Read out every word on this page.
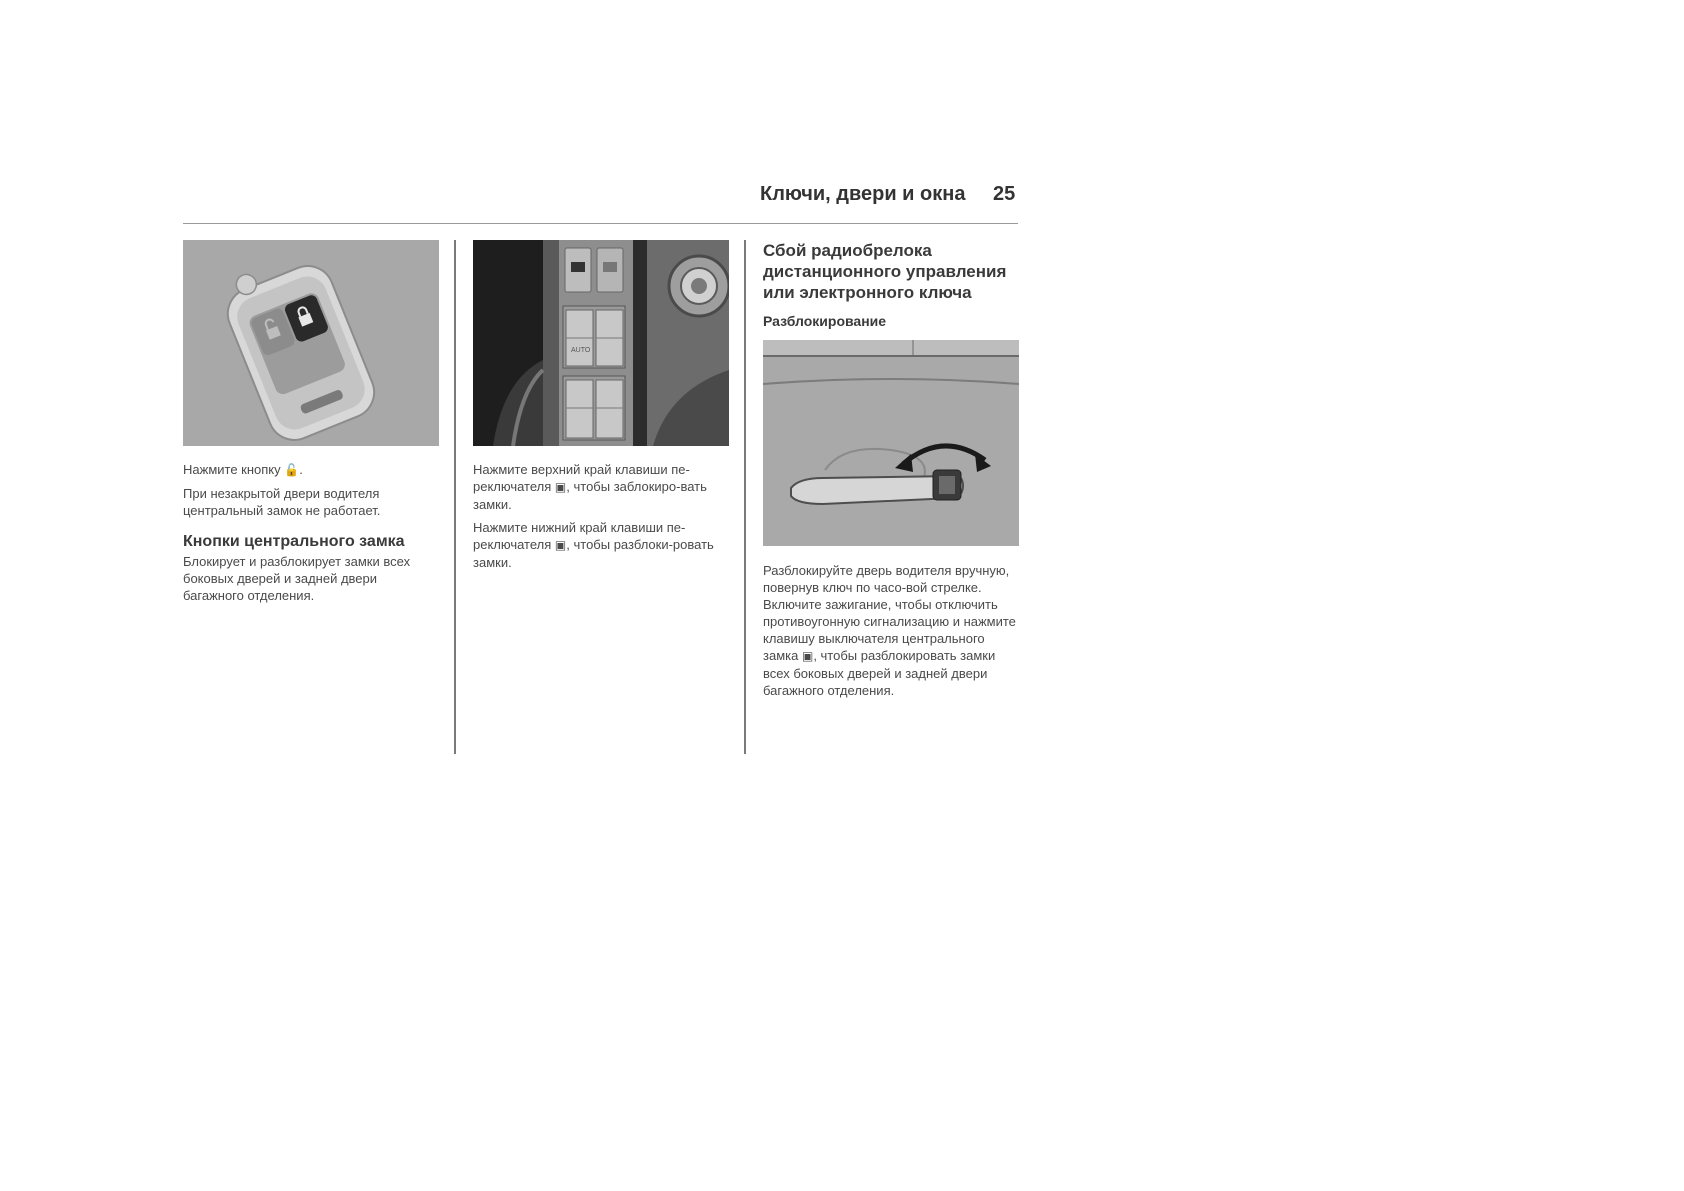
Ключи, двери и окна 25

Нажмите кнопку 🔓.

При незакрытой двери водителя центральный замок не работает.

Кнопки центрального замка
Блокирует и разблокирует замки всех боковых дверей и задней двери багажного отделения.
AUTO

Нажмите верхний край клавиши пе-реключателя ▣, чтобы заблокиро-вать замки.

Нажмите нижний край клавиши пе-реключателя ▣, чтобы разблоки-ровать замки.

Сбой радиобрелока дистанционного управления или электронного ключа
Разблокирование

Разблокируйте дверь водителя вручную, повернув ключ по часо-вой стрелке. Включите зажигание, чтобы отключить противоугонную сигнализацию и нажмите клавишу выключателя центрального замка ▣, чтобы разблокировать замки всех боковых дверей и задней двери багажного отделения.
